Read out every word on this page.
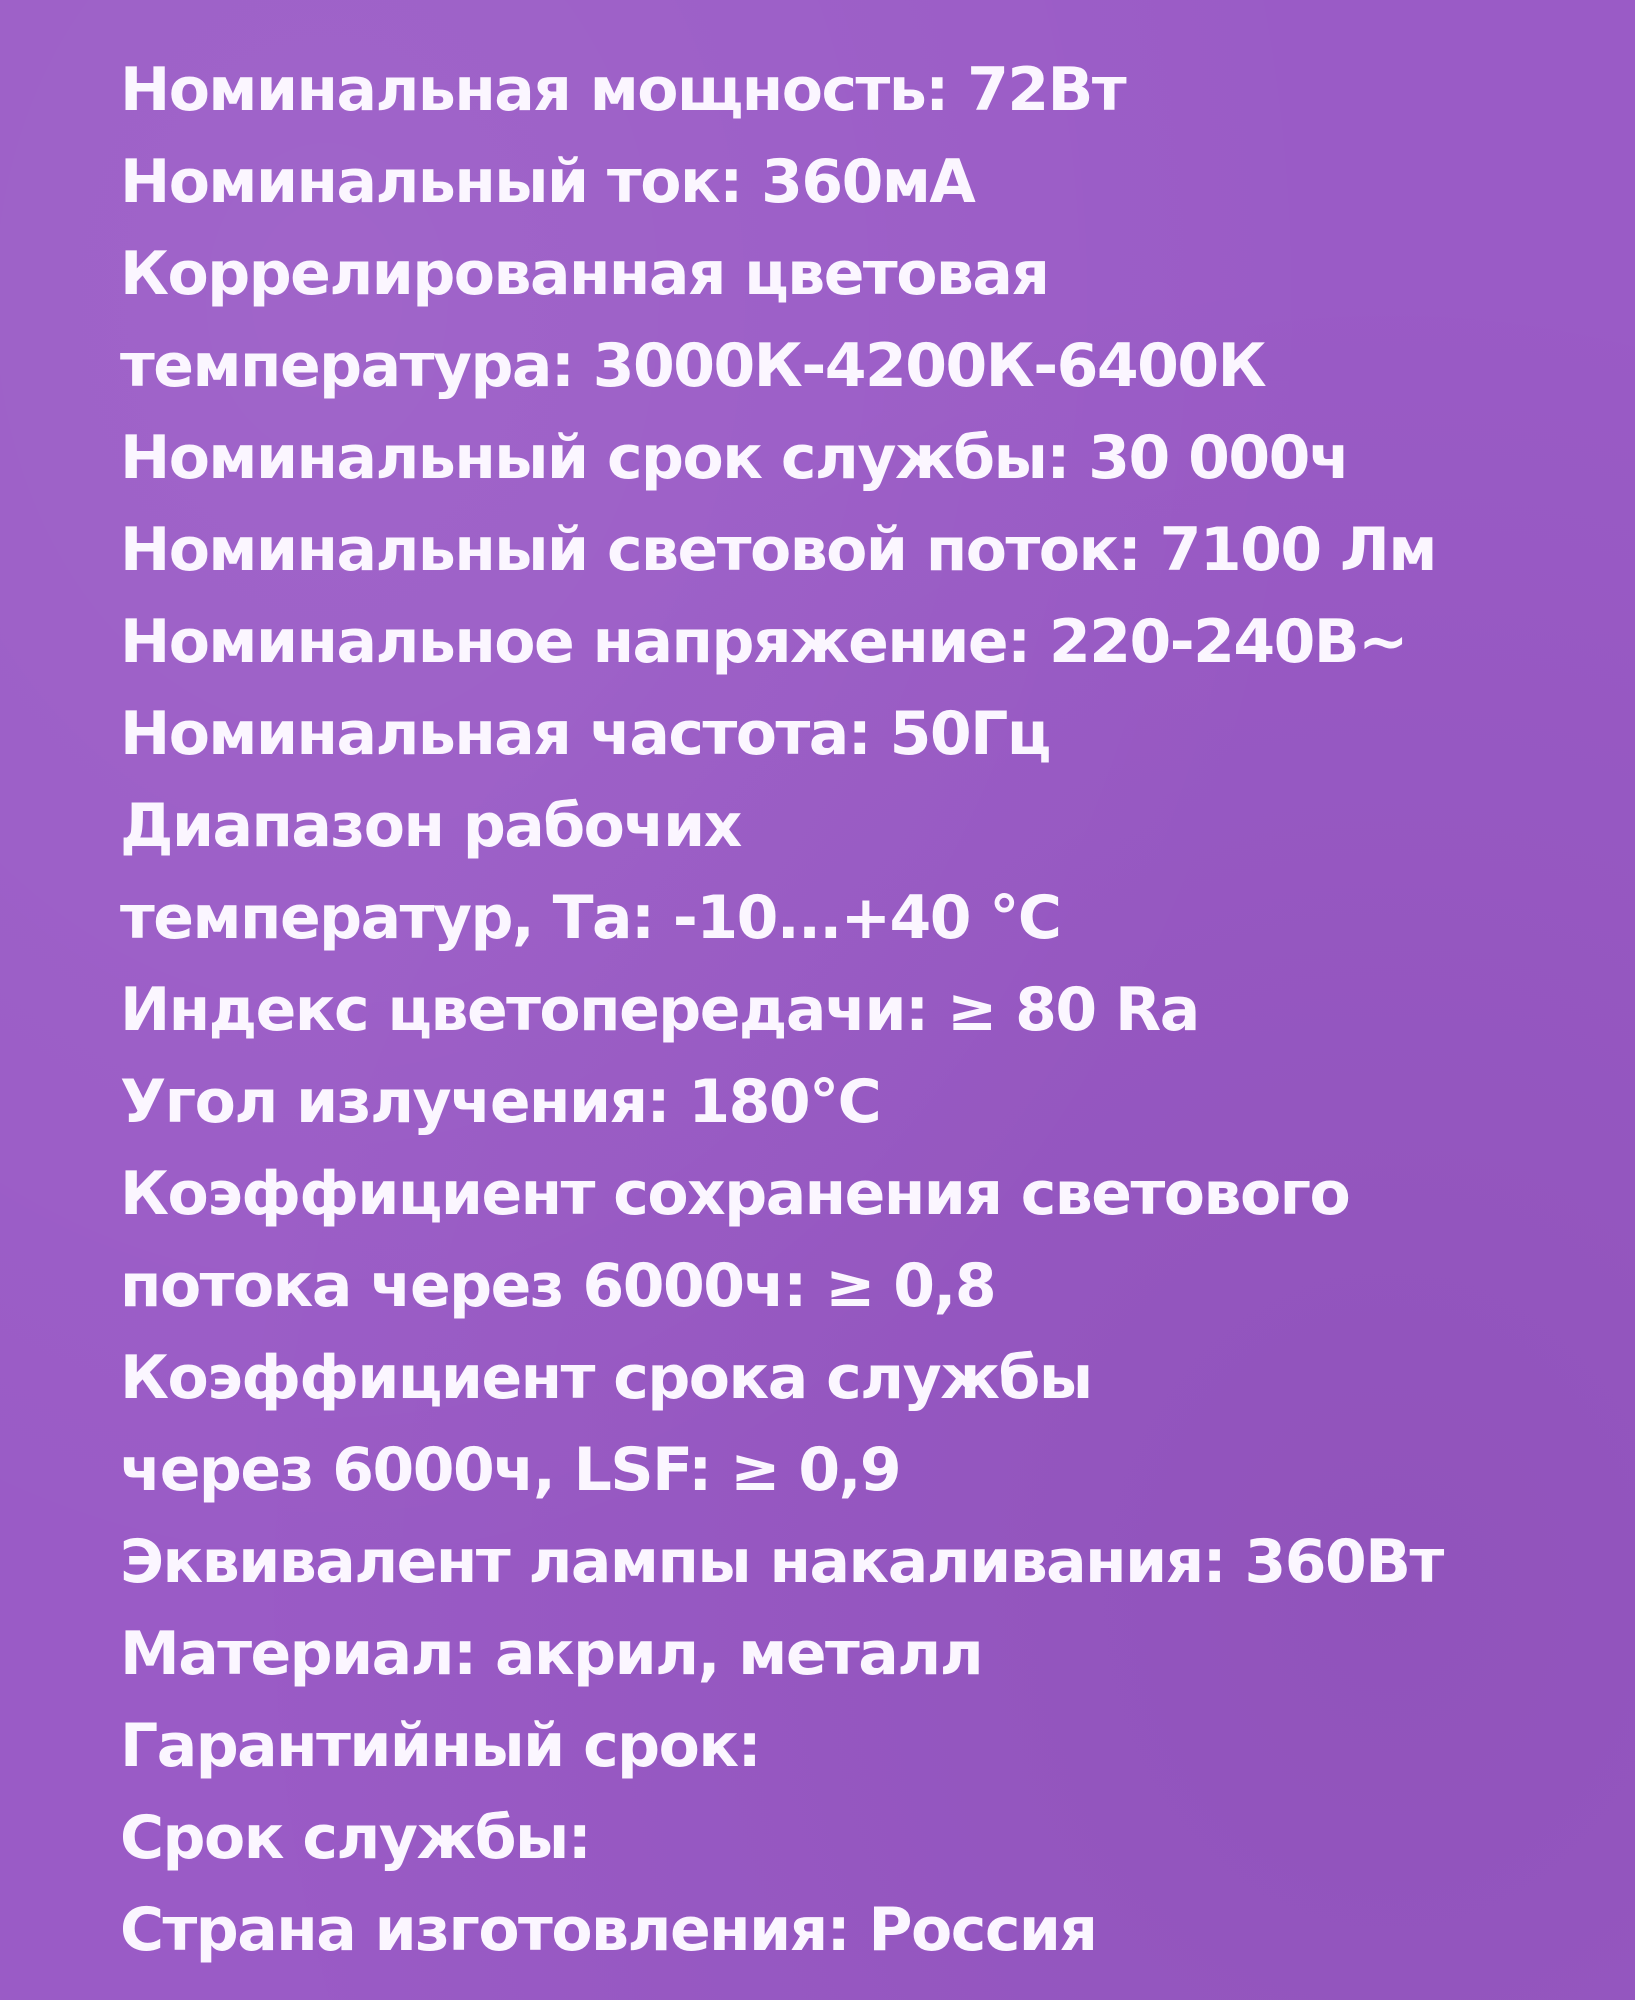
Номинальная мощность: 72Вт
Номинальный ток: 360мА
Коррелированная цветовая
температура: 3000К-4200К-6400К
Номинальный срок службы: 30 000ч
Номинальный световой поток: 7100 Лм
Номинальное напряжение: 220-240В~
Номинальная частота: 50Гц
Диапазон рабочих
температур, Та: -10...+40 °С
Индекс цветопередачи: ≥ 80 Ra
Угол излучения: 180°С
Коэффициент сохранения светового
потока через 6000ч: ≥ 0,8
Коэффициент срока службы
через 6000ч, LSF: ≥ 0,9
Эквивалент лампы накаливания: 360Вт
Материал: акрил, металл
Гарантийный срок:
Срок службы:
Страна изготовления: Россия
